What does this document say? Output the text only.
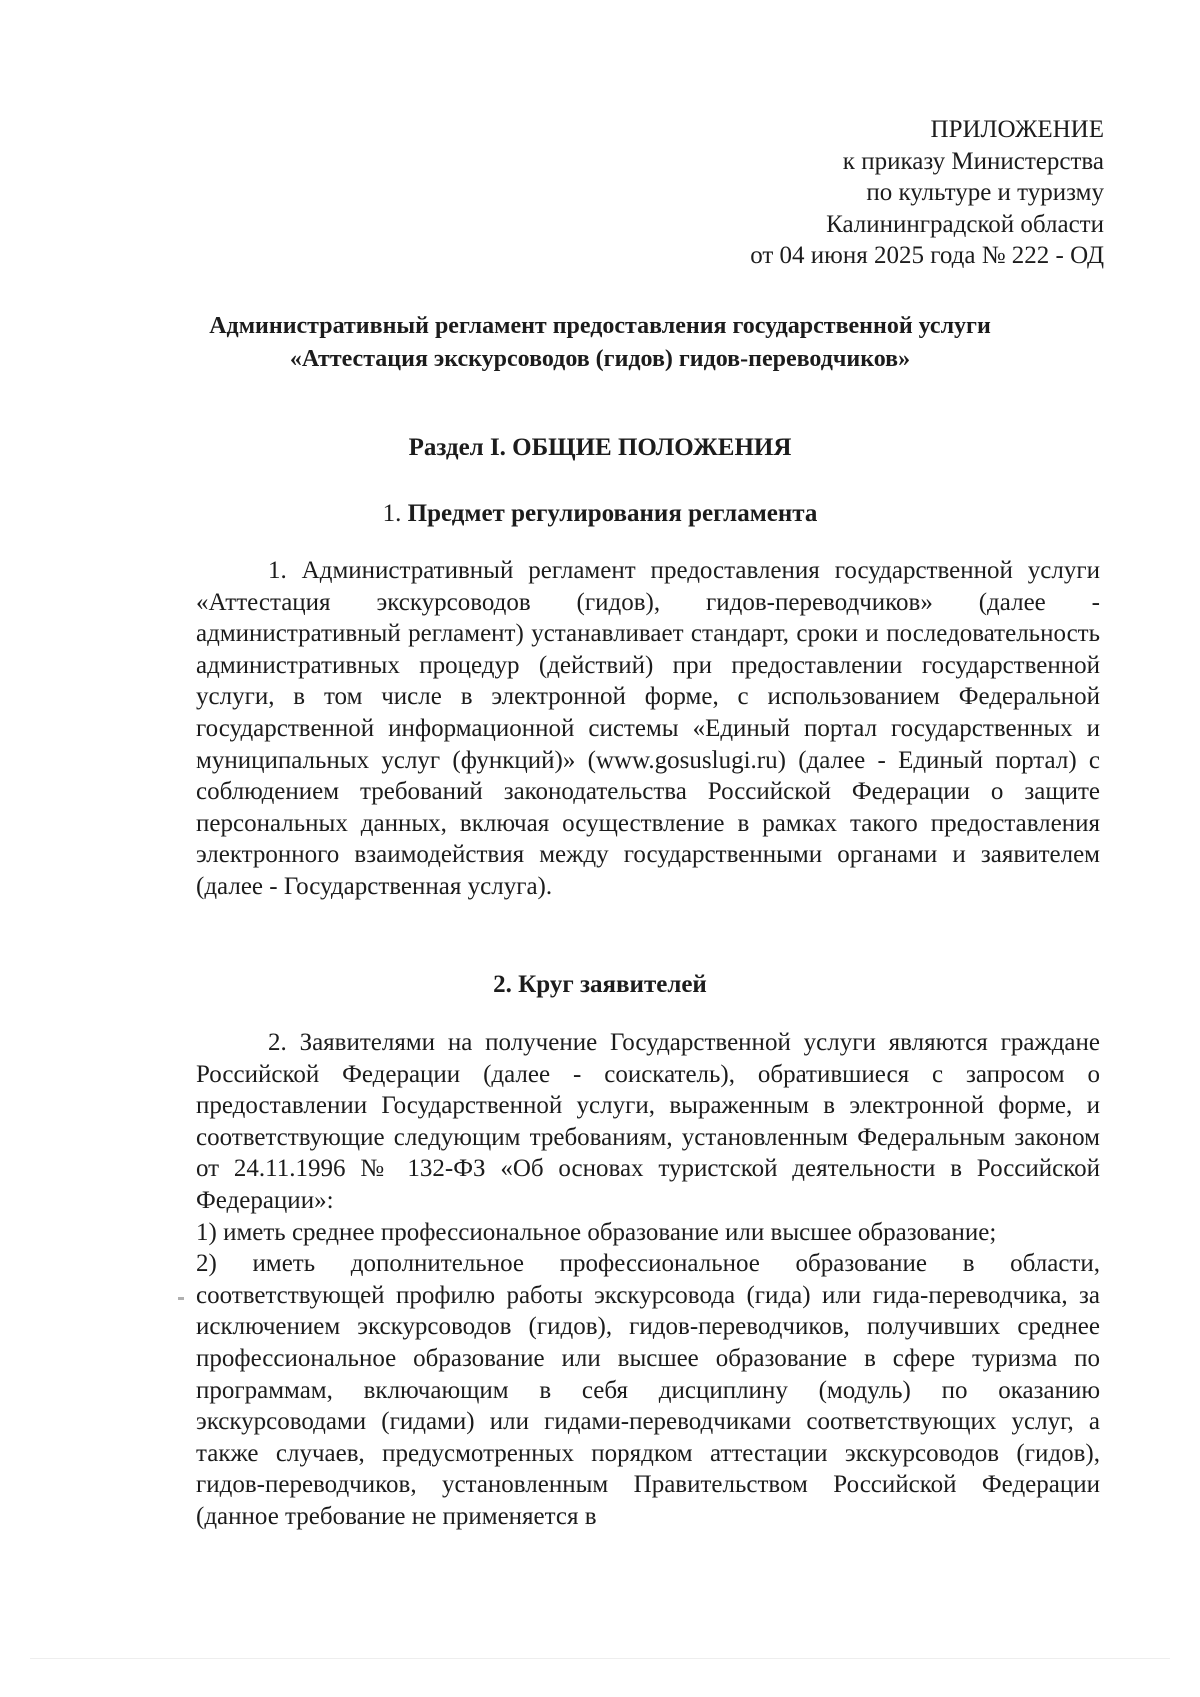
ПРИЛОЖЕНИЕ
к приказу Министерства
по культуре и туризму
Калининградской области
от 04 июня 2025 года № 222 - ОД
Административный регламент предоставления государственной услуги
«Аттестация экскурсоводов (гидов) гидов-переводчиков»
Раздел I. ОБЩИЕ ПОЛОЖЕНИЯ
1. Предмет регулирования регламента

1. Административный регламент предоставления государственной услуги «Аттестация экскурсоводов (гидов), гидов-переводчиков» (далее - административный регламент) устанавливает стандарт, сроки и последовательность административных процедур (действий) при предоставлении государственной услуги, в том числе в электронной форме, с использованием Федеральной государственной информационной системы «Единый портал государственных и муниципальных услуг (функций)» (www.gosuslugi.ru) (далее - Единый портал) с соблюдением требований законодательства Российской Федерации о защите персональных данных, включая осуществление в рамках такого предоставления электронного взаимодействия между государственными органами и заявителем (далее - Государственная услуга).

2. Круг заявителей

2. Заявителями на получение Государственной услуги являются граждане Российской Федерации (далее - соискатель), обратившиеся с запросом о предоставлении Государственной услуги, выраженным в электронной форме, и соответствующие следующим требованиям, установленным Федеральным законом от 24.11.1996 № 132-ФЗ «Об основах туристской деятельности в Российской Федерации»:

1) иметь среднее профессиональное образование или высшее образование;

2) иметь дополнительное профессиональное образование в области, соответствующей профилю работы экскурсовода (гида) или гида-переводчика, за исключением экскурсоводов (гидов), гидов-переводчиков, получивших среднее профессиональное образование или высшее образование в сфере туризма по программам, включающим в себя дисциплину (модуль) по оказанию экскурсоводами (гидами) или гидами-переводчиками соответствующих услуг, а также случаев, предусмотренных порядком аттестации экскурсоводов (гидов), гидов-переводчиков, установленным Правительством Российской Федерации (данное требование не применяется в
